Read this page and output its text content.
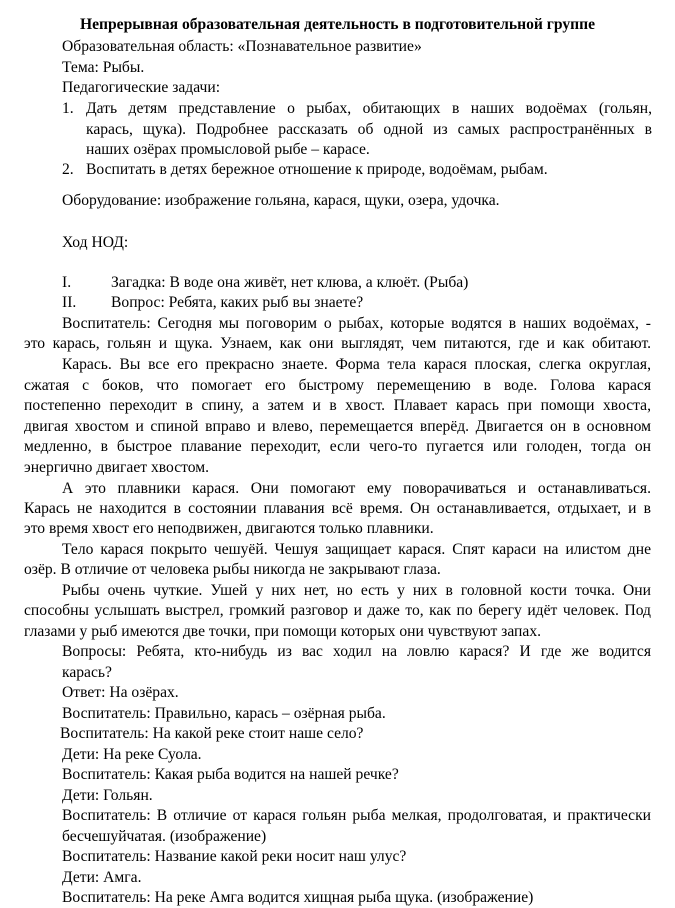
Непрерывная образовательная деятельность в подготовительной группе
Образовательная область: «Познавательное развитие»
Тема: Рыбы.
Педагогические задачи:
1. Дать детям представление о рыбах, обитающих в наших водоёмах (гольян,
карась, щука). Подробнее рассказать об одной из самых распространённых в
наших озёрах промысловой рыбе – карасе.
2. Воспитать в детях бережное отношение к природе, водоёмам, рыбам.
Оборудование: изображение гольяна, карася, щуки, озера, удочка.
Ход НОД:
I.	Загадка: В воде она живёт, нет клюва, а клюёт. (Рыба)
II. Вопрос: Ребята, каких рыб вы знаете?
Воспитатель: Сегодня мы поговорим о рыбах, которые водятся в наших водоёмах, -
это карась, гольян и щука. Узнаем, как они выглядят, чем питаются, где и как обитают.
Карась. Вы все его прекрасно знаете. Форма тела карася плоская, слегка округлая,
сжатая с боков, что помогает его быстрому перемещению в воде. Голова карася
постепенно переходит в спину, а затем и в хвост. Плавает карась при помощи хвоста,
двигая хвостом и спиной вправо и влево, перемещается вперёд. Двигается он в основном
медленно, в быстрое плавание переходит, если чего-то пугается или голоден, тогда он
энергично двигает хвостом.
А это плавники карася. Они помогают ему поворачиваться и останавливаться.
Карась не находится в состоянии плавания всё время. Он останавливается, отдыхает, и в
это время хвост его неподвижен, двигаются только плавники.
Тело карася покрыто чешуёй. Чешуя защищает карася. Спят караси на илистом дне
озёр. В отличие от человека рыбы никогда не закрывают глаза.
Рыбы очень чуткие. Ушей у них нет, но есть у них в головной кости точка. Они
способны услышать выстрел, громкий разговор и даже то, как по берегу идёт человек. Под
глазами у рыб имеются две точки, при помощи которых они чувствуют запах.
Вопросы: Ребята, кто-нибудь из вас ходил на ловлю карася? И где же водится
карась?
Ответ: На озёрах.
Воспитатель: Правильно, карась – озёрная рыба.
Воспитатель: На какой реке стоит наше село?
Дети: На реке Суола.
Воспитатель: Какая рыба водится на нашей речке?
Дети: Гольян.
Воспитатель: В отличие от карася гольян рыба мелкая, продолговатая, и практически
бесчешуйчатая. (изображение)
Воспитатель: Название какой реки носит наш улус?
Дети: Амга.
Воспитатель: На реке Амга водится хищная рыба щука. (изображение)
